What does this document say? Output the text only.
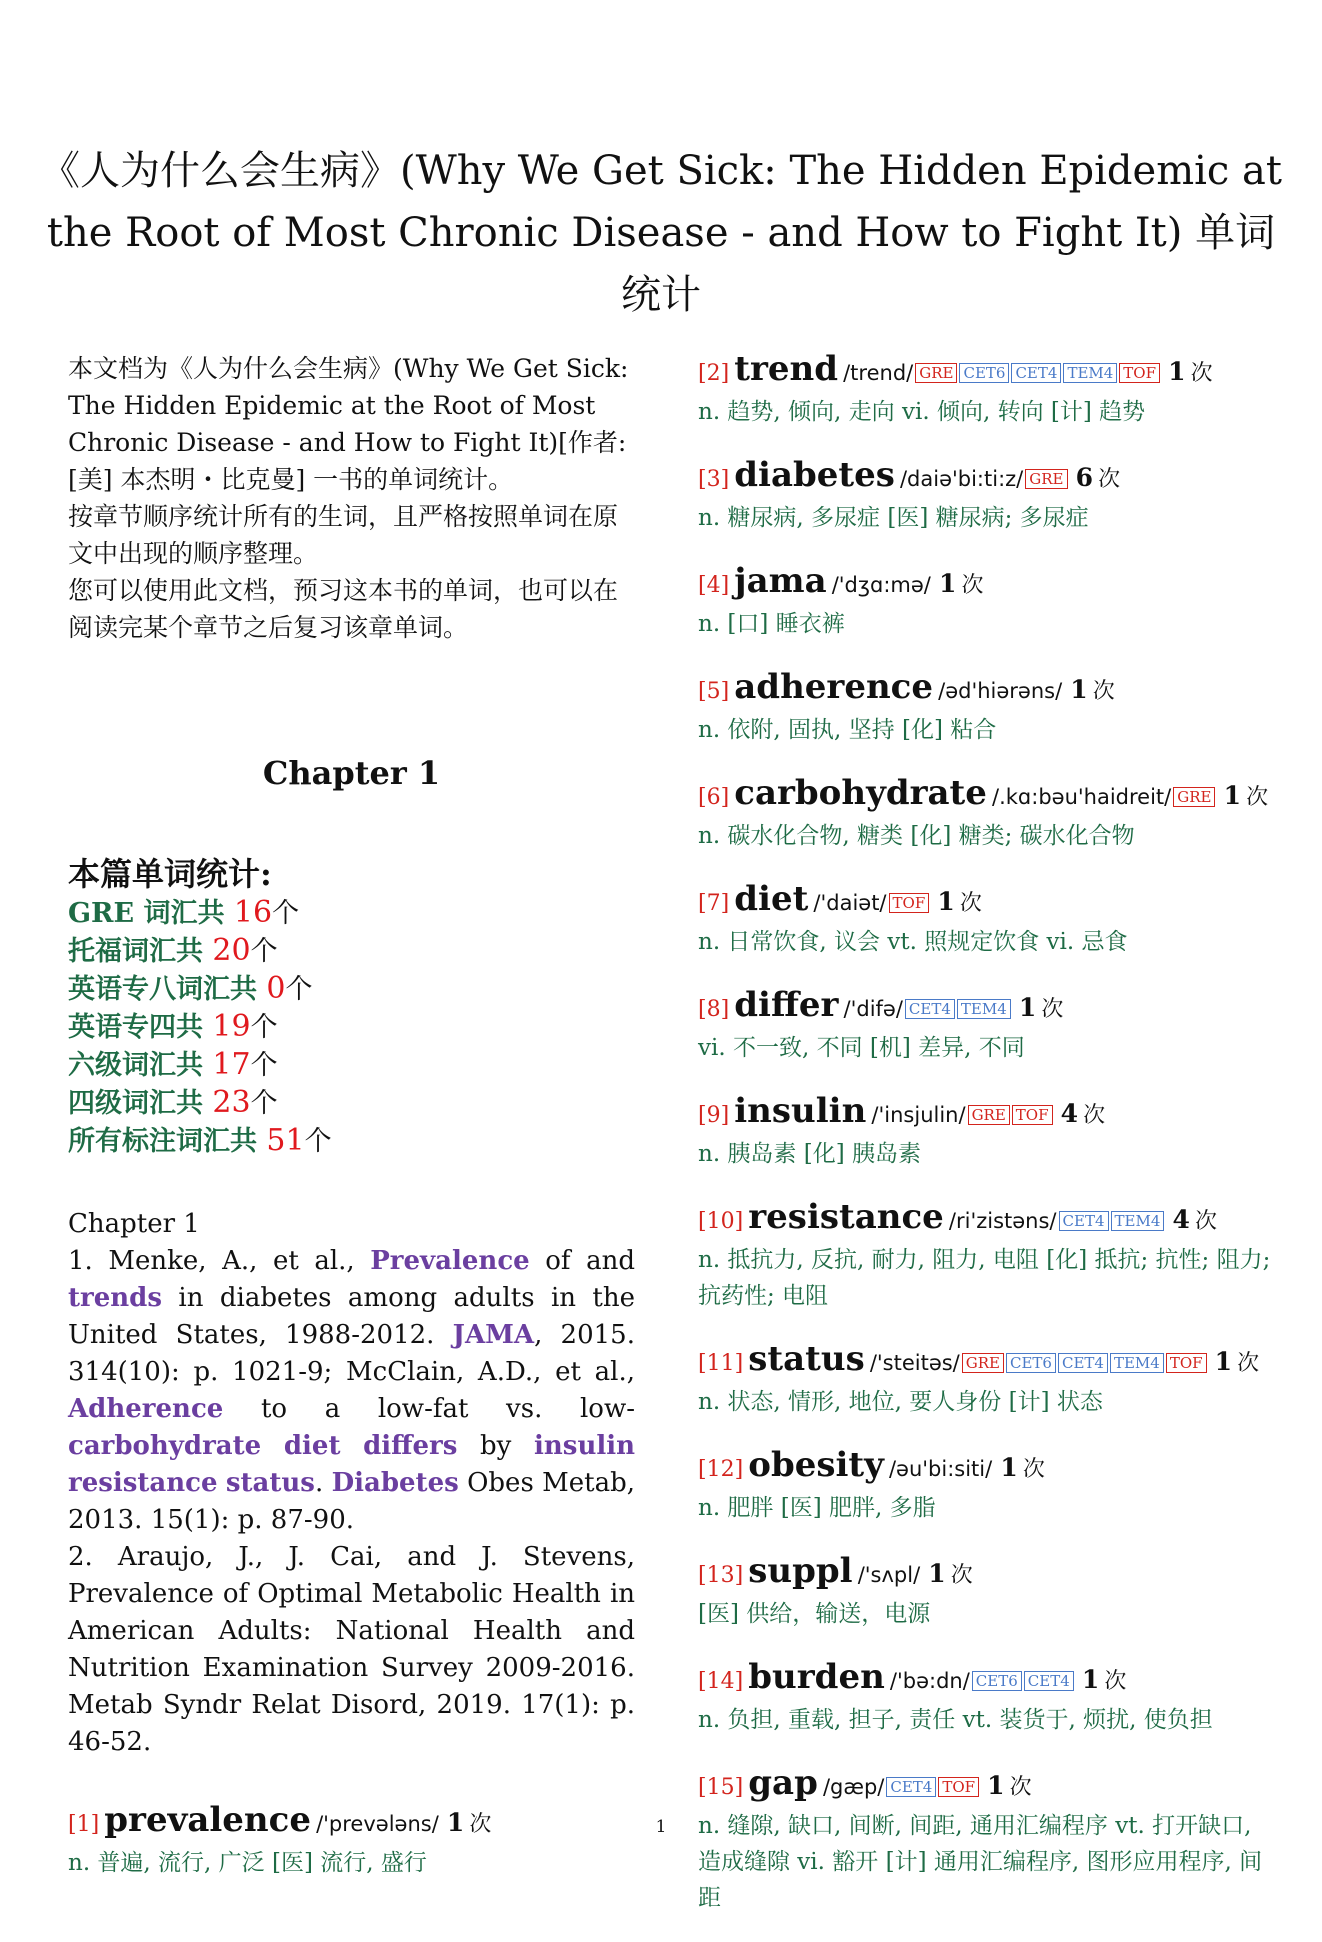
《人为什么会生病》(Why We Get Sick: The Hidden Epidemic at the Root of Most Chronic Disease - and How to Fight It) 单词统计

本文档为《人为什么会生病》(Why We Get Sick: The Hidden Epidemic at the Root of Most Chronic Disease - and How to Fight It)[作者: [美] 本杰明・比克曼] 一书的单词统计。

按章节顺序统计所有的生词，且严格按照单词在原文中出现的顺序整理。

您可以使用此文档，预习这本书的单词，也可以在阅读完某个章节之后复习该章单词。

Chapter 1
本篇单词统计:
GRE 词汇共 16个
托福词汇共 20个
英语专八词汇共 0个
英语专四共 19个
六级词汇共 17个
四级词汇共 23个
所有标注词汇共 51个

Chapter 1

1. Menke, A., et al., Prevalence of and trends in diabetes among adults in the United States, 1988-2012. JAMA, 2015. 314(10): p. 1021-9; McClain, A.D., et al., Adherence to a low-fat vs. low-carbohydrate diet differs by insulin resistance status. Diabetes Obes Metab, 2013. 15(1): p. 87-90.

2. Araujo, J., J. Cai, and J. Stevens, Prevalence of Optimal Metabolic Health in American Adults: National Health and Nutrition Examination Survey 2009-2016. Metab Syndr Relat Disord, 2019. 17(1): p. 46-52.

[1] prevalence /'prevələns/ 1 次
n. 普遍, 流行, 广泛 [医] 流行, 盛行
[2] trend /trend/ GRE CET6 CET4 TEM4 TOF 1 次
n. 趋势, 倾向, 走向 vi. 倾向, 转向 [计] 趋势
[3] diabetes /daiə'bi:ti:z/ GRE 6 次
n. 糖尿病, 多尿症 [医] 糖尿病; 多尿症
[4] jama /'dʒɑ:mə/ 1 次
n. [口] 睡衣裤
[5] adherence /əd'hiərəns/ 1 次
n. 依附, 固执, 坚持 [化] 粘合
[6] carbohydrate /.kɑ:bəu'haidreit/ GRE 1 次
n. 碳水化合物, 糖类 [化] 糖类; 碳水化合物
[7] diet /'daiət/ TOF 1 次
n. 日常饮食, 议会 vt. 照规定饮食 vi. 忌食
[8] differ /'difə/ CET4 TEM4 1 次
vi. 不一致, 不同 [机] 差异, 不同
[9] insulin /'insjulin/ GRE TOF 4 次
n. 胰岛素 [化] 胰岛素
[10] resistance /ri'zistəns/ CET4 TEM4 4 次
n. 抵抗力, 反抗, 耐力, 阻力, 电阻 [化] 抵抗; 抗性; 阻力; 抗药性; 电阻
[11] status /'steitəs/ GRE CET6 CET4 TEM4 TOF 1 次
n. 状态, 情形, 地位, 要人身份 [计] 状态
[12] obesity /əu'bi:siti/ 1 次
n. 肥胖 [医] 肥胖, 多脂
[13] suppl /'sʌpl/ 1 次
[医] 供给，输送，电源
[14] burden /'bə:dn/ CET6 CET4 1 次
n. 负担, 重载, 担子, 责任 vt. 装货于, 烦扰, 使负担
[15] gap /gæp/ CET4 TOF 1 次
n. 缝隙, 缺口, 间断, 间距, 通用汇编程序 vt. 打开缺口, 造成缝隙 vi. 豁开 [计] 通用汇编程序, 图形应用程序, 间距
1
